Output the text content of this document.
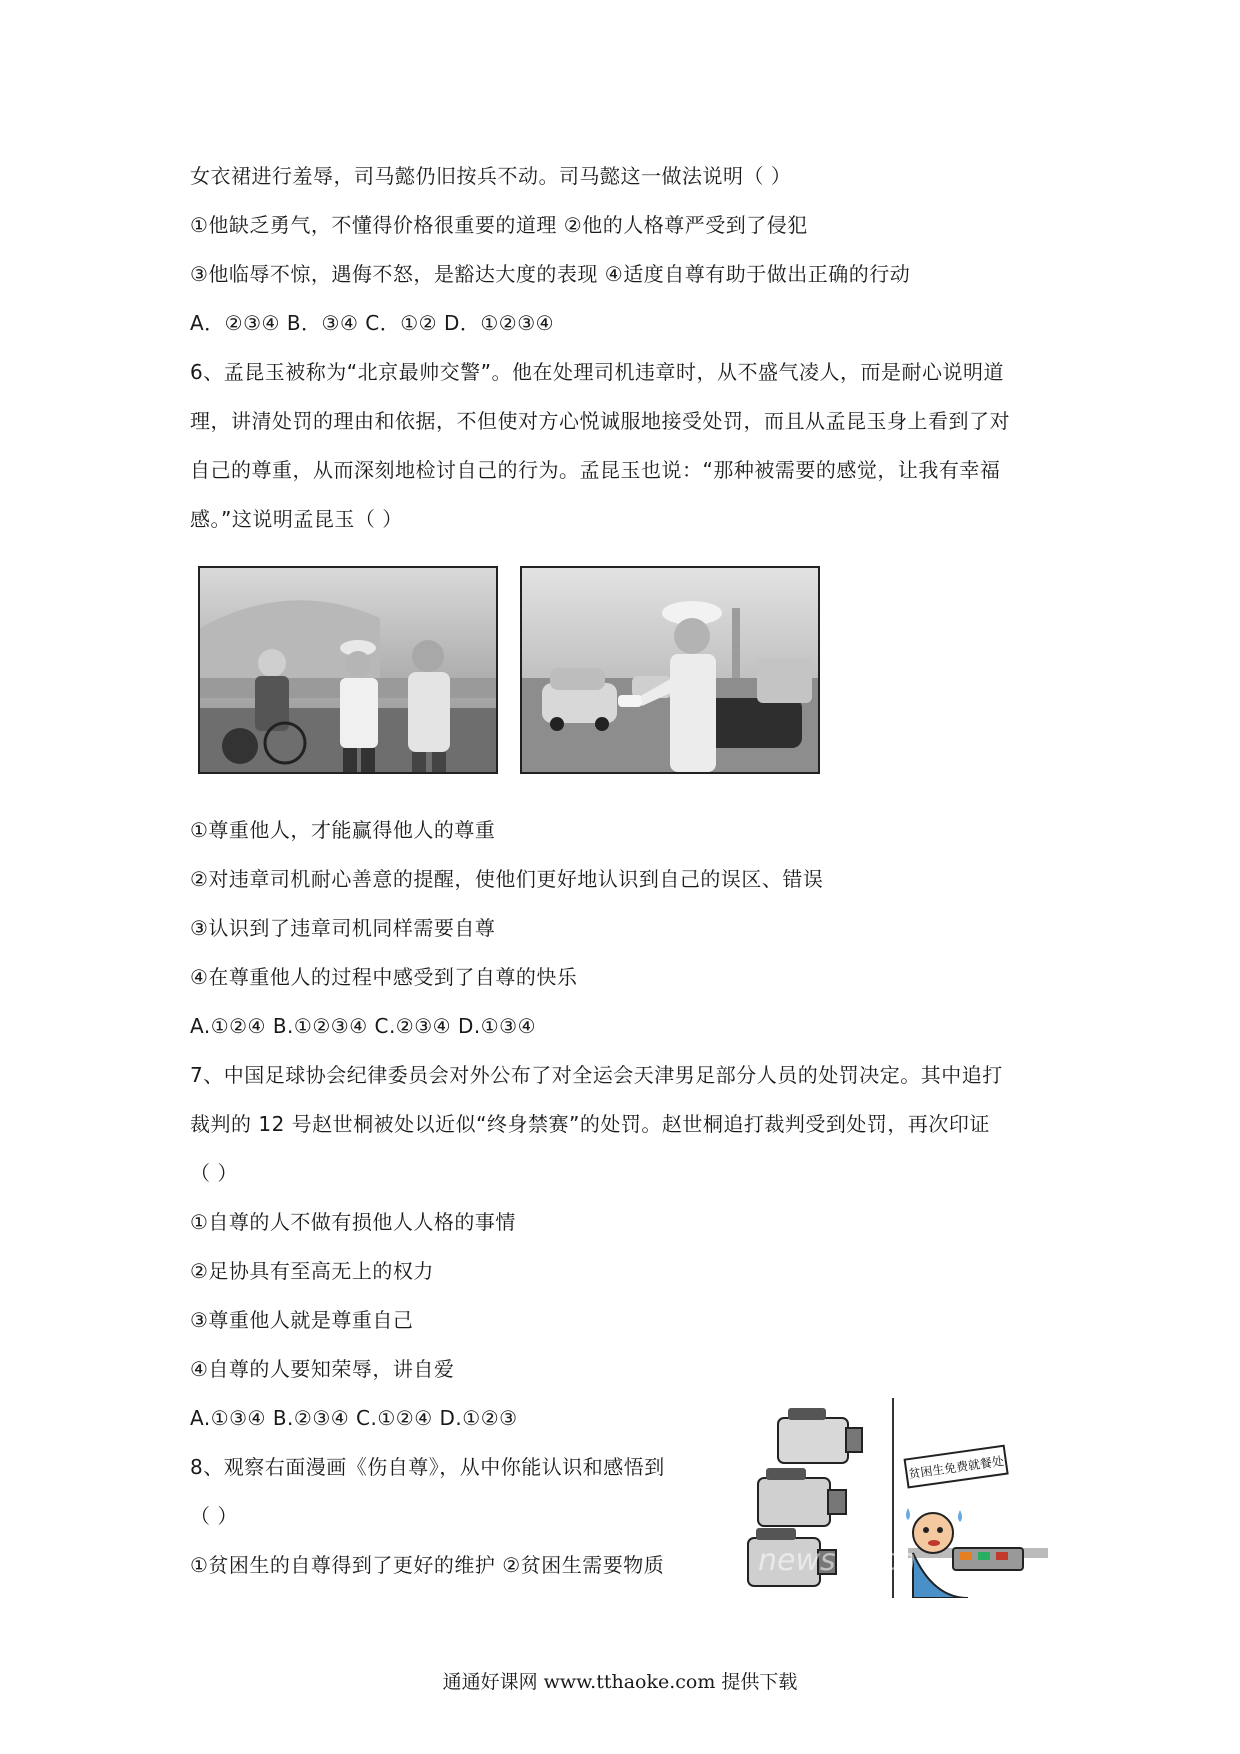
女衣裙进行羞辱，司马懿仍旧按兵不动。司马懿这一做法说明（ ）
①他缺乏勇气，不懂得价格很重要的道理 ②他的人格尊严受到了侵犯
③他临辱不惊，遇侮不怒，是豁达大度的表现 ④适度自尊有助于做出正确的行动
A．②③④ B．③④ C．①② D．①②③④
6、孟昆玉被称为“北京最帅交警”。他在处理司机违章时，从不盛气凌人，而是耐心说明道
理，讲清处罚的理由和依据，不但使对方心悦诚服地接受处罚，而且从孟昆玉身上看到了对
自己的尊重，从而深刻地检讨自己的行为。孟昆玉也说：“那种被需要的感觉，让我有幸福
感。”这说明孟昆玉（ ）
①尊重他人，才能赢得他人的尊重
②对违章司机耐心善意的提醒，使他们更好地认识到自己的误区、错误
③认识到了违章司机同样需要自尊
④在尊重他人的过程中感受到了自尊的快乐
A.①②④ B.①②③④ C.②③④ D.①③④
7、中国足球协会纪律委员会对外公布了对全运会天津男足部分人员的处罚决定。其中追打
裁判的 12 号赵世桐被处以近似“终身禁赛”的处罚。赵世桐追打裁判受到处罚，再次印证
（ ）
①自尊的人不做有损他人人格的事情
②足协具有至高无上的权力
③尊重他人就是尊重自己
④自尊的人要知荣辱，讲自爱
A.①③④ B.②③④ C.①②④ D.①②③
8、观察右面漫画《伤自尊》，从中你能认识和感悟到
（ ）
①贫困生的自尊得到了更好的维护 ②贫困生需要物质
贫困生免费就餐处
newscn.cn
通通好课网 www.tthaoke.com 提供下载
